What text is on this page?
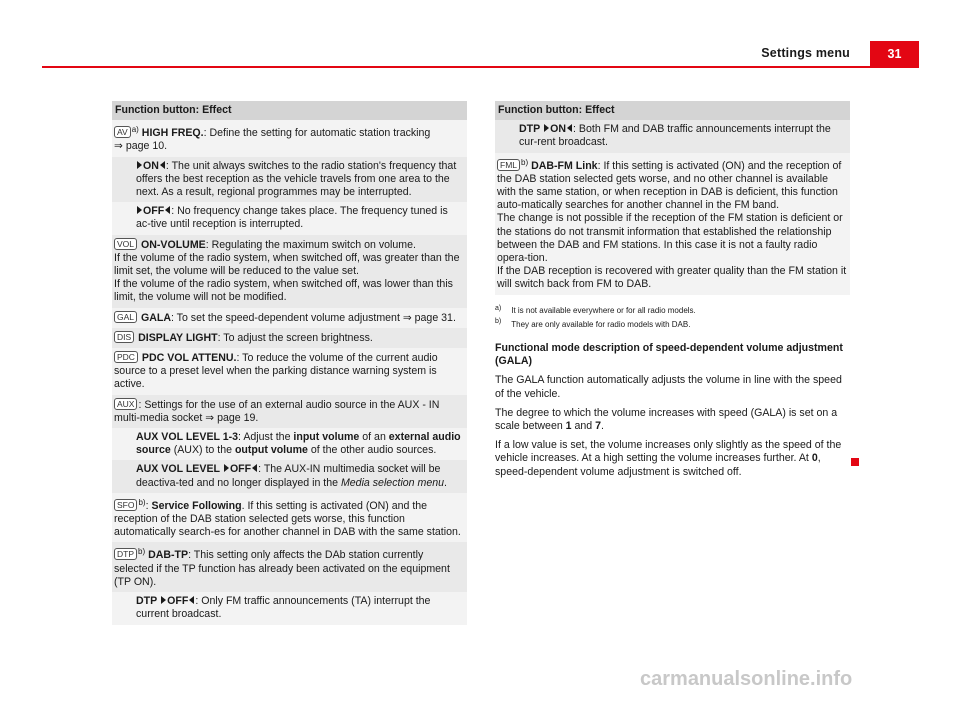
Settings menu	31
Function button: Effect
AV $^{a)}$ HIGH FREQ.: Define the setting for automatic station tracking
⇒ page 10.
ON : The unit always switches to the radio station's frequency that offers the best reception as the vehicle travels from one area to the next. As a result, regional programmes may be interrupted.
OFF : No frequency change takes place. The frequency tuned is ac-tive until reception is interrupted.
VOL ON-VOLUME: Regulating the maximum switch on volume.
If the volume of the radio system, when switched off, was greater than the limit set, the volume will be reduced to the value set.
If the volume of the radio system, when switched off, was lower than this limit, the volume will not be modified.
GAL GALA: To set the speed-dependent volume adjustment ⇒ page 31.
DIS DISPLAY LIGHT: To adjust the screen brightness.
PDC PDC VOL ATTENU.: To reduce the volume of the current audio source to a preset level when the parking distance warning system is active.
AUX : Settings for the use of an external audio source in the AUX - IN multi-media socket ⇒ page 19.
AUX VOL LEVEL 1-3: Adjust the input volume of an external audio source (AUX) to the output volume of the other audio sources.
AUX VOL LEVEL OFF : The AUX-IN multimedia socket will be deactiva-ted and no longer displayed in the Media selection menu.
SFO $^{b)}$: Service Following. If this setting is activated (ON) and the reception of the DAB station selected gets worse, this function automatically search-es for another channel in DAB with the same station.
DTP $^{b)}$ DAB-TP: This setting only affects the DAb station currently selected if the TP function has already been activated on the equipment (TP ON).
DTP OFF : Only FM traffic announcements (TA) interrupt the current broadcast.
Function button: Effect
DTP ON : Both FM and DAB traffic announcements interrupt the cur-rent broadcast.
FML $^{b)}$ DAB-FM Link: If this setting is activated (ON) and the reception of the DAB station selected gets worse, and no other channel is available with the same station, or when reception in DAB is deficient, this function auto-matically searches for another channel in the FM band.
The change is not possible if the reception of the FM station is deficient or the stations do not transmit information that established the relationship between the DAB and FM stations. In this case it is not a faulty radio opera-tion.
If the DAB reception is recovered with greater quality than the FM station it will switch back from FM to DAB.
$^{a)}$ It is not available everywhere or for all radio models.
$^{b)}$ They are only available for radio models with DAB.
Functional mode description of speed-dependent volume adjustment (GALA)
The GALA function automatically adjusts the volume in line with the speed of the vehicle.
The degree to which the volume increases with speed (GALA) is set on a scale between 1 and 7.
If a low value is set, the volume increases only slightly as the speed of the vehicle increases. At a high setting the volume increases further. At 0, speed-dependent volume adjustment is switched off.
carmanualsonline.info
